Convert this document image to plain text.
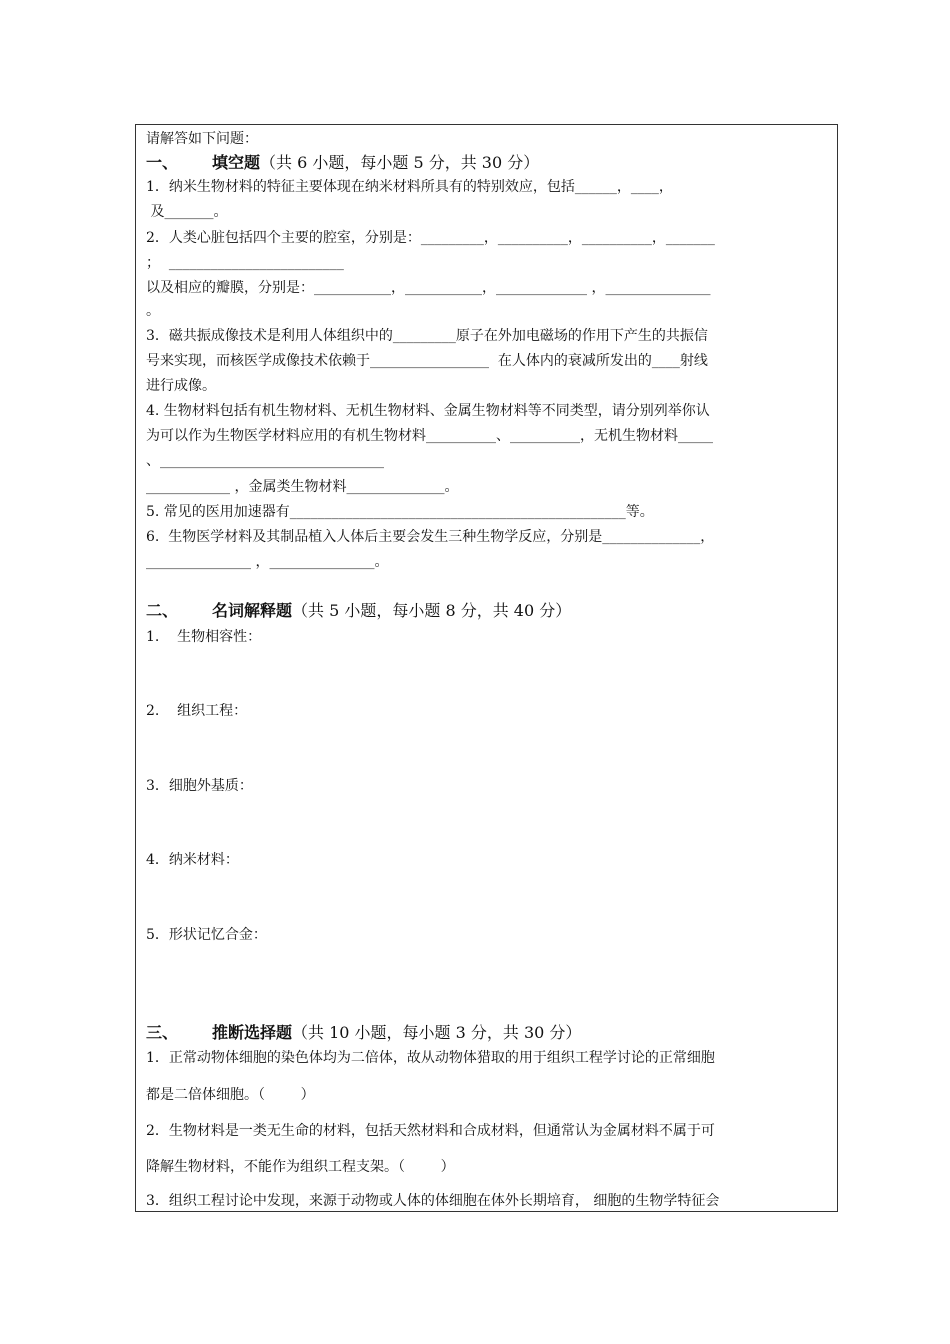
请解答如下问题：
一、 填空题（共 6 小题，每小题 5 分，共 30 分）
1．纳米生物材料的特征主要体现在纳米材料所具有的特别效应，包括______，____，
及_______。
2．人类心脏包括四个主要的腔室，分别是：_________，__________，__________，_______
；  _________________________
以及相应的瓣膜，分别是：___________，___________，_____________ ，_______________
。
3．磁共振成像技术是利用人体组织中的_________原子在外加电磁场的作用下产生的共振信
号来实现，而核医学成像技术依赖于_________________  在人体内的衰减所发出的____射线
进行成像。
4. 生物材料包括有机生物材料、无机生物材料、金属生物材料等不同类型，请分别列举你认
为可以作为生物医学材料应用的有机生物材料__________、__________，无机生物材料_____
、________________________________
____________ ，金属类生物材料______________。
5. 常见的医用加速器有________________________________________________等。
6.  生物医学材料及其制品植入人体后主要会发生三种生物学反应，分别是______________，
_______________ ，_______________。
二、 名词解释题（共 5 小题，每小题 8 分，共 40 分）
1.    生物相容性：
2.    组织工程：
3．细胞外基质：
4．纳米材料：
5．形状记忆合金：
三、 推断选择题（共 10 小题，每小题 3 分，共 30 分）
1．正常动物体细胞的染色体均为二倍体，故从动物体猎取的用于组织工程学讨论的正常细胞
都是二倍体细胞。（        ）
2．生物材料是一类无生命的材料，包括天然材料和合成材料，但通常认为金属材料不属于可
降解生物材料，不能作为组织工程支架。（        ）
3．组织工程讨论中发现，来源于动物或人体的体细胞在体外长期培育， 细胞的生物学特征会
